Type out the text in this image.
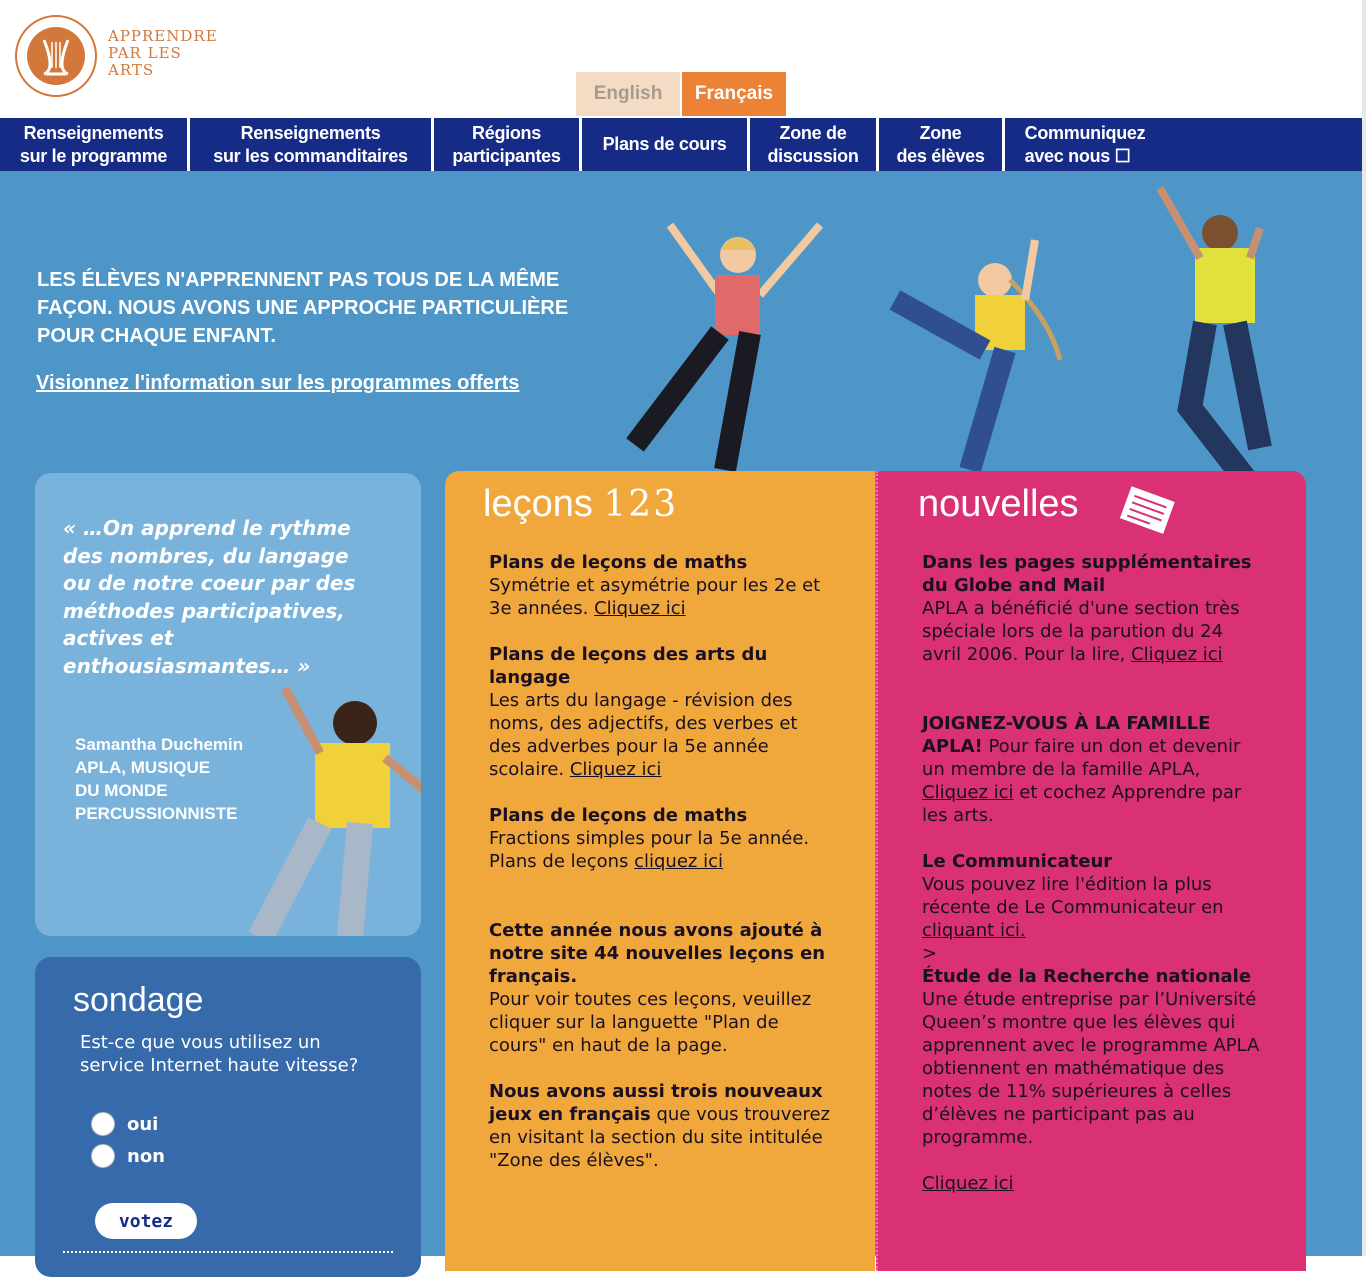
APPRENDRE
PAR LES
ARTS
English	Français
Renseignements
sur le programme
Renseignements
sur les commanditaires
Régions
participantes
Plans de cours
Zone de
discussion
Zone
des élèves
Communiquez
avec nous ☐
LES ÉLÈVES N'APPRENNENT PAS TOUS DE LA MÊME FAÇON. NOUS AVONS UNE APPROCHE PARTICULIÈRE POUR CHAQUE ENFANT.
Visionnez l'information sur les programmes offerts
« …On apprend le rythme des nombres, du langage ou de notre coeur par des méthodes participatives, actives et enthousiasmantes… »
Samantha Duchemin
APLA, MUSIQUE
DU MONDE
PERCUSSIONNISTE
sondage
Est-ce que vous utilisez un service Internet haute vitesse?
oui
non
votez
leçons 123

Plans de leçons de maths
Symétrie et asymétrie pour les 2e et 3e années. Cliquez ici

Plans de leçons des arts du langage
Les arts du langage - révision des noms, des adjectifs, des verbes et des adverbes pour la 5e année scolaire. Cliquez ici

Plans de leçons de maths
Fractions simples pour la 5e année. Plans de leçons cliquez ici

Cette année nous avons ajouté à notre site 44 nouvelles leçons en français.
Pour voir toutes ces leçons, veuillez cliquer sur la languette "Plan de cours" en haut de la page.

Nous avons aussi trois nouveaux jeux en français que vous trouverez en visitant la section du site intitulée "Zone des élèves".

nouvelles

Dans les pages supplémentaires du Globe and Mail
APLA a bénéficié d'une section très spéciale lors de la parution du 24 avril 2006. Pour la lire, Cliquez ici

JOIGNEZ-VOUS À LA FAMILLE APLA! Pour faire un don et devenir un membre de la famille APLA, Cliquez ici et cochez Apprendre par les arts.

Le Communicateur
Vous pouvez lire l'édition la plus récente de Le Communicateur en cliquant ici.

>
Étude de la Recherche nationale Une étude entreprise par l’Université Queen’s montre que les élèves qui apprennent avec le programme APLA obtiennent en mathématique des notes de 11% supérieures à celles d’élèves ne participant pas au programme.

Cliquez ici
